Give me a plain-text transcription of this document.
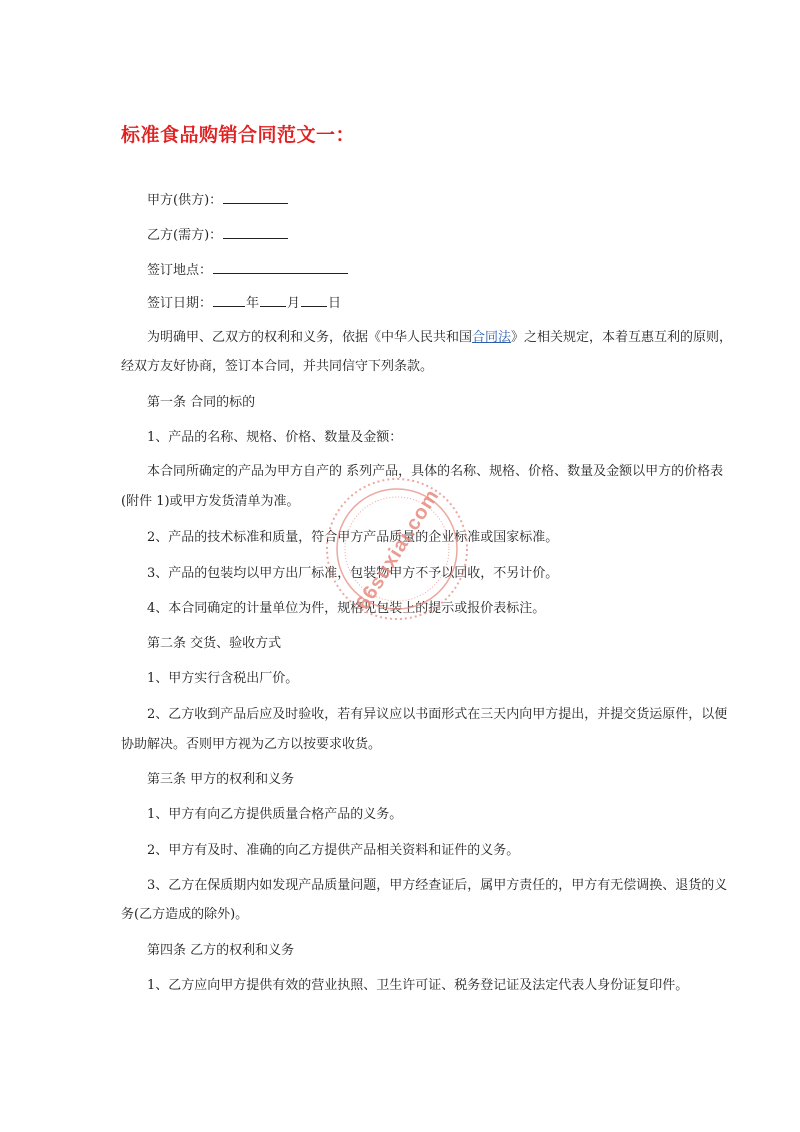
标准食品购销合同范文一：
甲方(供方)：
乙方(需方)：
签订地点：
签订日期：	年 月 日
为明确甲、乙双方的权利和义务，依据《中华人民共和国合同法》之相关规定，本着互惠互利的原则，
经双方友好协商，签订本合同，并共同信守下列条款。
第一条 合同的标的
1、产品的名称、规格、价格、数量及金额：
本合同所确定的产品为甲方自产的 系列产品，具体的名称、规格、价格、数量及金额以甲方的价格表
(附件 1)或甲方发货清单为准。
2、产品的技术标准和质量，符合甲方产品质量的企业标准或国家标准。
3、产品的包装均以甲方出厂标准，包装物甲方不予以回收，不另计价。
4、本合同确定的计量单位为件，规格见包装上的提示或报价表标注。
第二条 交货、验收方式
1、甲方实行含税出厂价。
2、乙方收到产品后应及时验收，若有异议应以书面形式在三天内向甲方提出，并提交货运原件，以便
协助解决。否则甲方视为乙方以按要求收货。
第三条 甲方的权利和义务
1、甲方有向乙方提供质量合格产品的义务。
2、甲方有及时、准确的向乙方提供产品相关资料和证件的义务。
3、乙方在保质期内如发现产品质量问题，甲方经查证后，属甲方责任的，甲方有无偿调换、退货的义
务(乙方造成的除外)。
第四条 乙方的权利和义务
1、乙方应向甲方提供有效的营业执照、卫生许可证、税务登记证及法定代表人身份证复印件。
66suxiai.com
